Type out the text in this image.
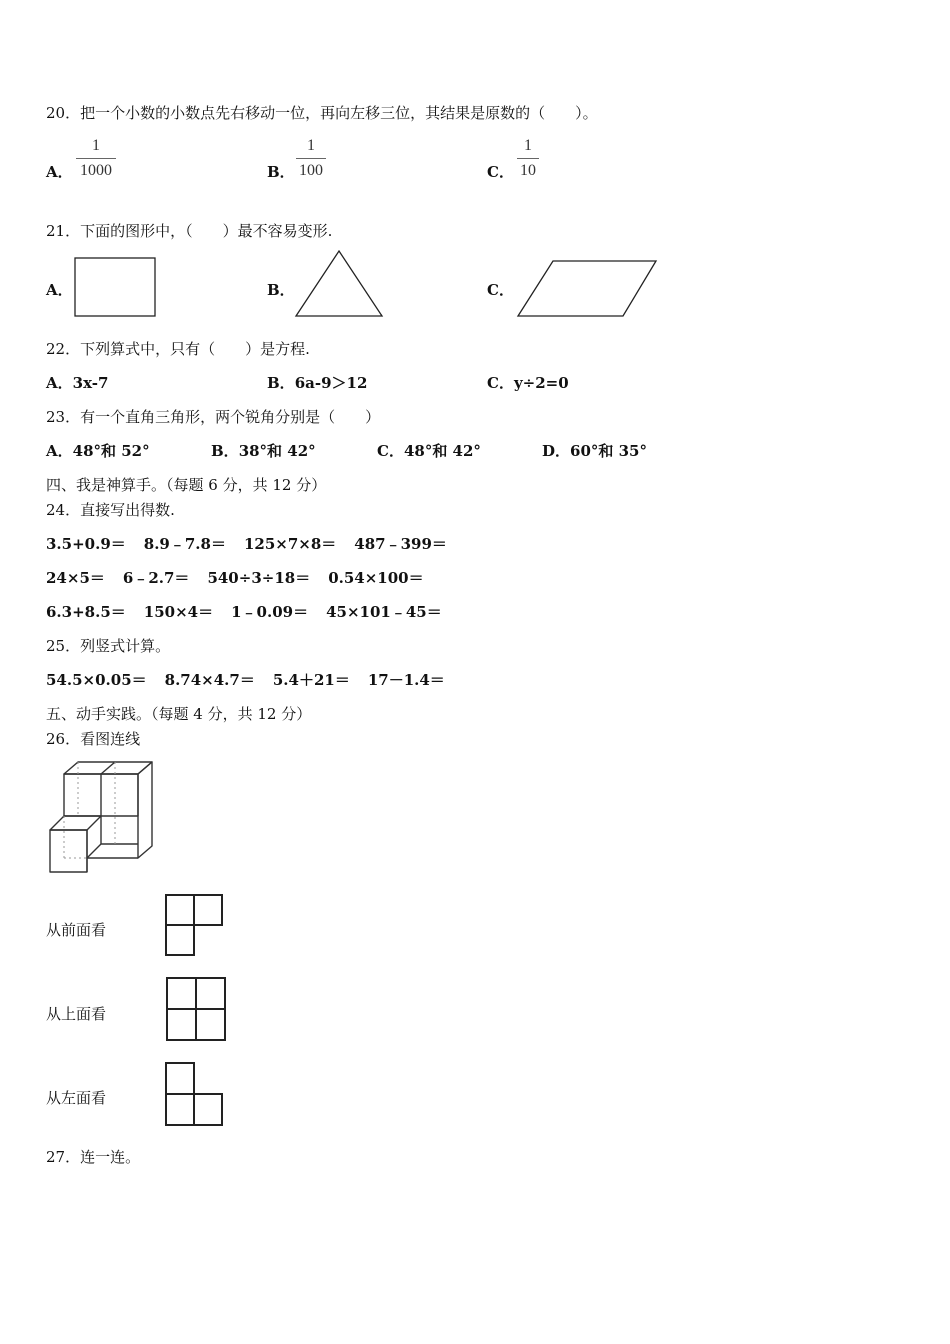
20．把一个小数的小数点先右移动一位，再向左移三位，其结果是原数的（　　）。
A．
1
1000	B．
1
100	C．
1
10
21．下面的图形中，（　　）最不容易变形.
A．	B．	C．
22．下列算式中，只有（　　）是方程.
A．3x-7	B．6a-9＞12	C．y÷2=0
23．有一个直角三角形，两个锐角分别是（　　）
A．48°和 52°	B．38°和 42°	C．48°和 42°	D．60°和 35°
四、我是神算手。（每题 6 分，共 12 分）
24．直接写出得数.
3.5+0.9＝ 8.9﹣7.8＝ 125×7×8＝ 487﹣399＝
24×5＝ 6﹣2.7＝ 540÷3÷18＝ 0.54×100＝
6.3+8.5＝ 150×4＝ 1﹣0.09＝ 45×101﹣45＝
25．列竖式计算。
54.5×0.05＝ 8.74×4.7＝ 5.4＋21＝ 17－1.4＝
五、动手实践。（每题 4 分，共 12 分）
26．看图连线
从前面看
从上面看
从左面看
27．连一连。
